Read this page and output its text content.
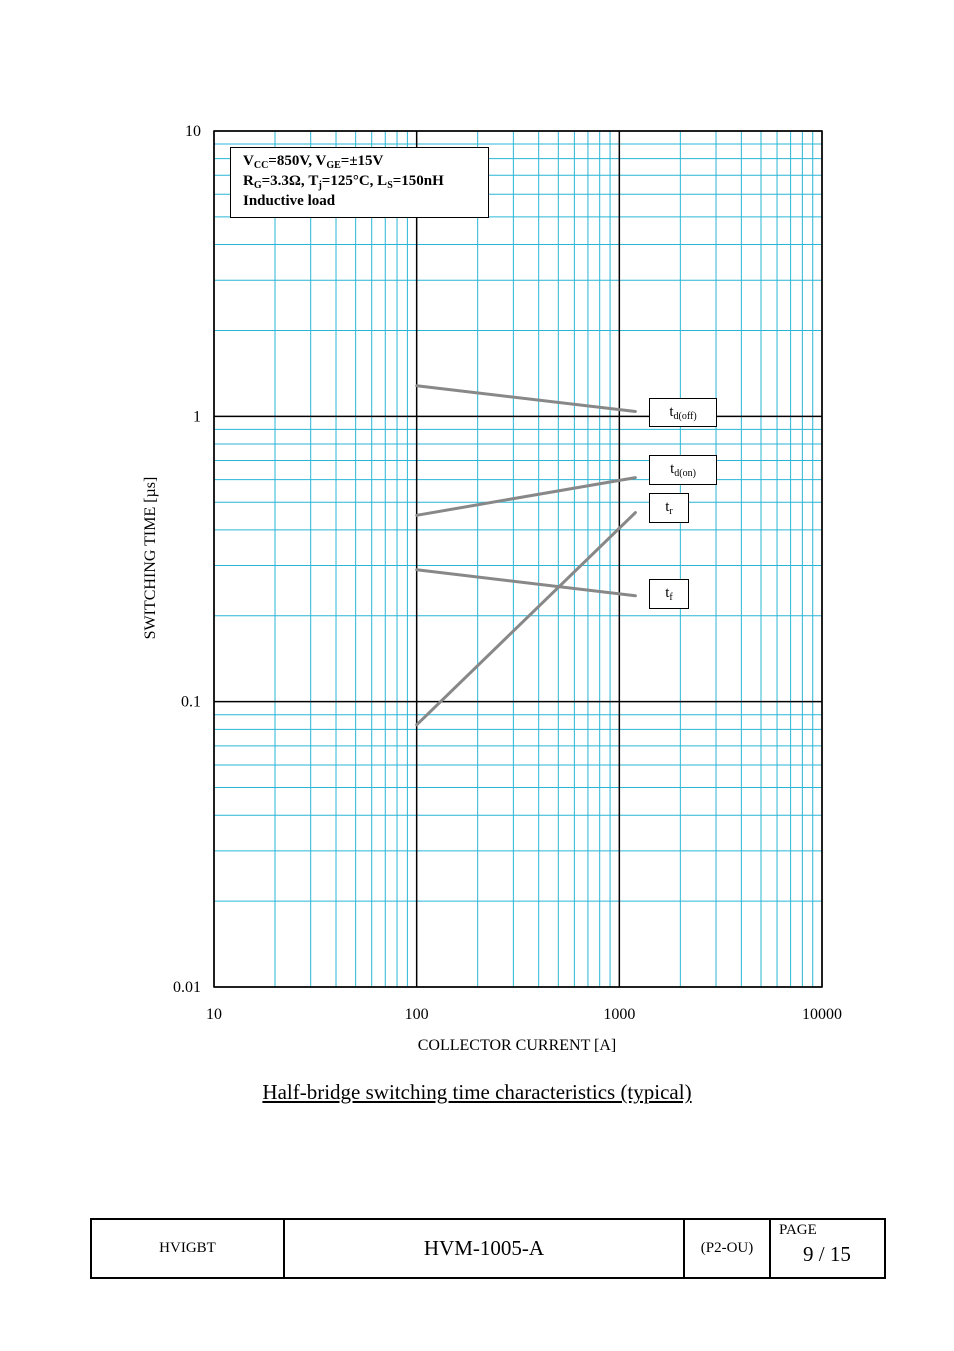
10	100	1000	10000
0.01
0.1
1
10
COLLECTOR CURRENT [A]
SWITCHING TIME [µs]
$V_{CC}=850V$, $V_{GE}=\pm 15V$
$R_G=3.3\Omega$, $T_j=125^\circ C$, $L_S=150nH$
Inductive load
$t_{d(off)}$
$t_{d(on)}$
$t_r$
$t_f$
Half-bridge switching time characteristics (typical)
HVIGBT	HVM-1005-A	(P2-OU)
PAGE
9 / 15
